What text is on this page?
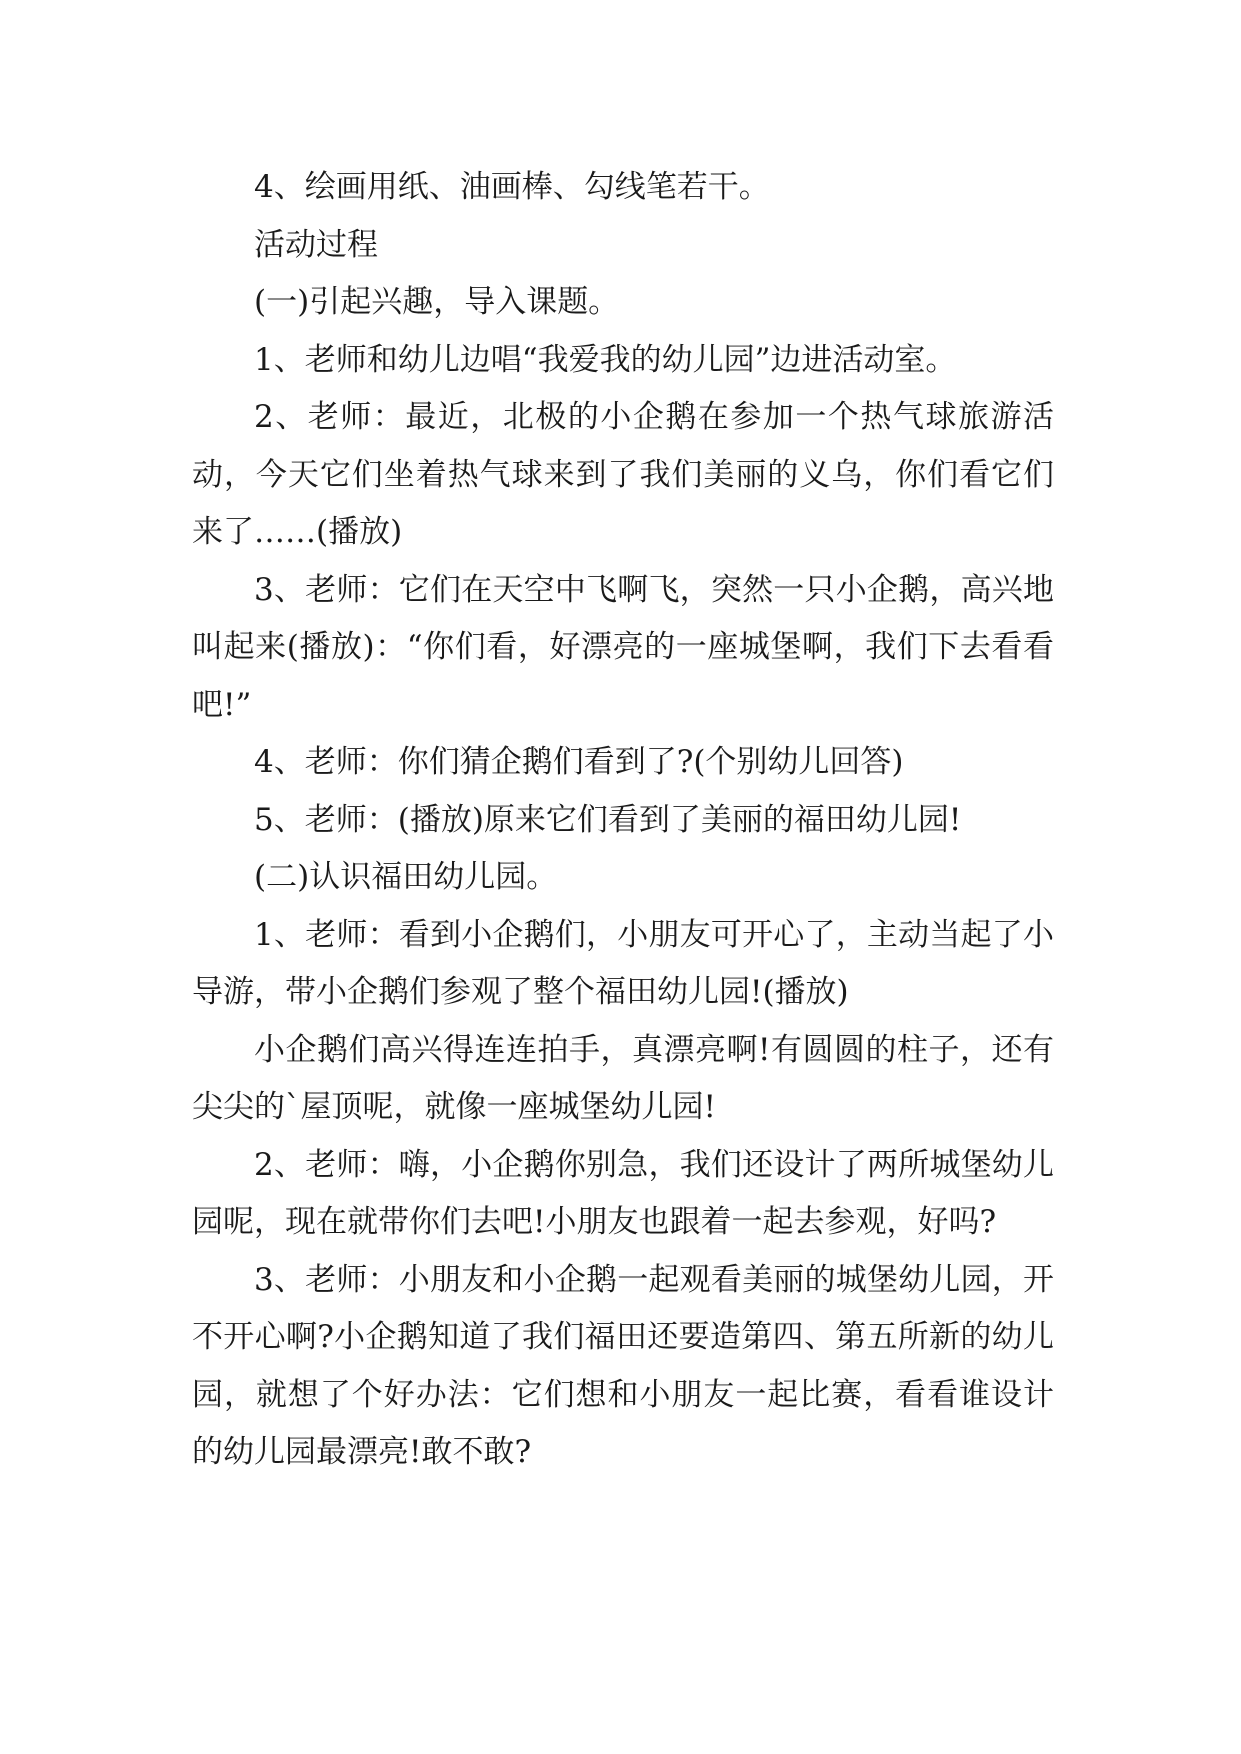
4、绘画用纸、油画棒、勾线笔若干。

活动过程

(一)引起兴趣，导入课题。

1、老师和幼儿边唱“我爱我的幼儿园”边进活动室。

2、老师：最近，北极的小企鹅在参加一个热气球旅游活动，今天它们坐着热气球来到了我们美丽的义乌，你们看它们来了……(播放)

3、老师：它们在天空中飞啊飞，突然一只小企鹅，高兴地叫起来(播放)：“你们看，好漂亮的一座城堡啊，我们下去看看吧!”

4、老师：你们猜企鹅们看到了?(个别幼儿回答)

5、老师：(播放)原来它们看到了美丽的福田幼儿园!

(二)认识福田幼儿园。

1、老师：看到小企鹅们，小朋友可开心了，主动当起了小导游，带小企鹅们参观了整个福田幼儿园!(播放)

小企鹅们高兴得连连拍手，真漂亮啊!有圆圆的柱子，还有尖尖的`屋顶呢，就像一座城堡幼儿园!

2、老师：嗨，小企鹅你别急，我们还设计了两所城堡幼儿园呢，现在就带你们去吧!小朋友也跟着一起去参观，好吗?

3、老师：小朋友和小企鹅一起观看美丽的城堡幼儿园，开不开心啊?小企鹅知道了我们福田还要造第四、第五所新的幼儿园，就想了个好办法：它们想和小朋友一起比赛，看看谁设计的幼儿园最漂亮!敢不敢?
